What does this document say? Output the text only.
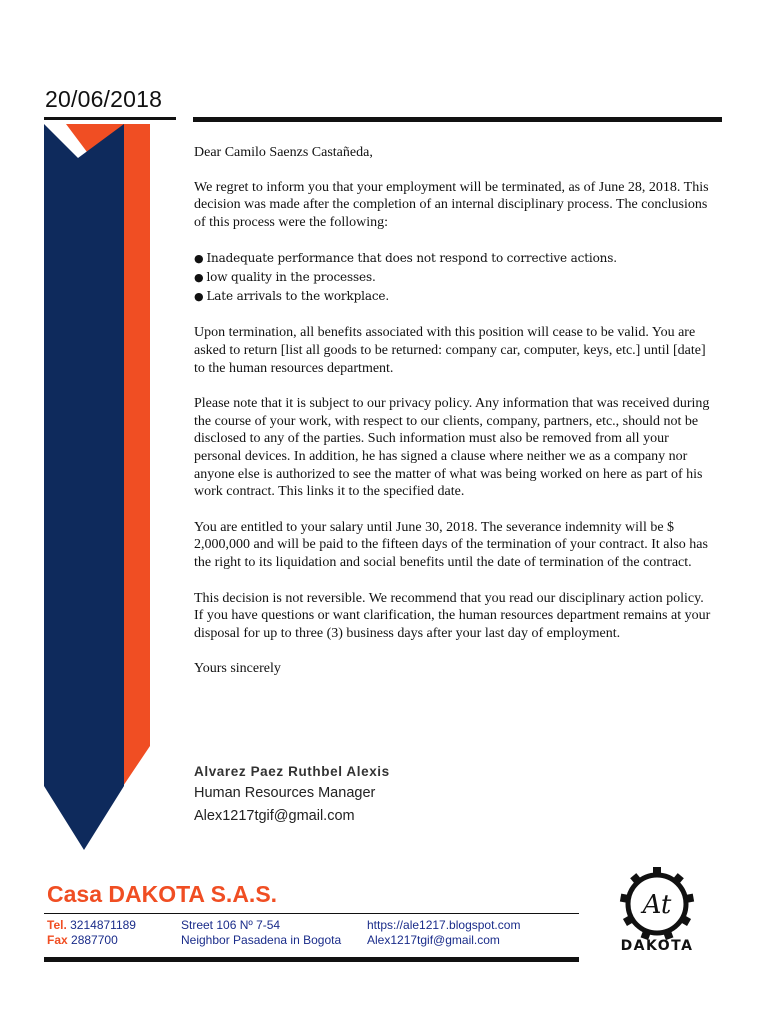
20/06/2018

Dear Camilo Saenzs Castañeda,

We regret to inform you that your employment will be terminated, as of June 28, 2018. This decision was made after the completion of an internal disciplinary process. The conclusions of this process were the following:

● Inadequate performance that does not respond to corrective actions.
● low quality in the processes.
● Late arrivals to the workplace.

Upon termination, all benefits associated with this position will cease to be valid. You are asked to return [list all goods to be returned: company car, computer, keys, etc.] until [date] to the human resources department.

Please note that it is subject to our privacy policy. Any information that was received during the course of your work, with respect to our clients, company, partners, etc., should not be disclosed to any of the parties. Such information must also be removed from all your personal devices. In addition, he has signed a clause where neither we as a company nor anyone else is authorized to see the matter of what was being worked on here as part of his work contract. This links it to the specified date.

You are entitled to your salary until June 30, 2018. The severance indemnity will be $ 2,000,000 and will be paid to the fifteen days of the termination of your contract. It also has the right to its liquidation and social benefits until the date of termination of the contract.

This decision is not reversible. We recommend that you read our disciplinary action policy. If you have questions or want clarification, the human resources department remains at your disposal for up to three (3) business days after your last day of employment.

Yours sincerely

Alvarez Paez Ruthbel Alexis
Human Resources Manager
Alex1217tgif@gmail.com
Casa DAKOTA S.A.S.
Tel. 3214871189
Fax 2887700
Street 106 Nº 7-54
Neighbor Pasadena in Bogota
https://ale1217.blogspot.com
Alex1217tgif@gmail.com
At
DAKOTA
